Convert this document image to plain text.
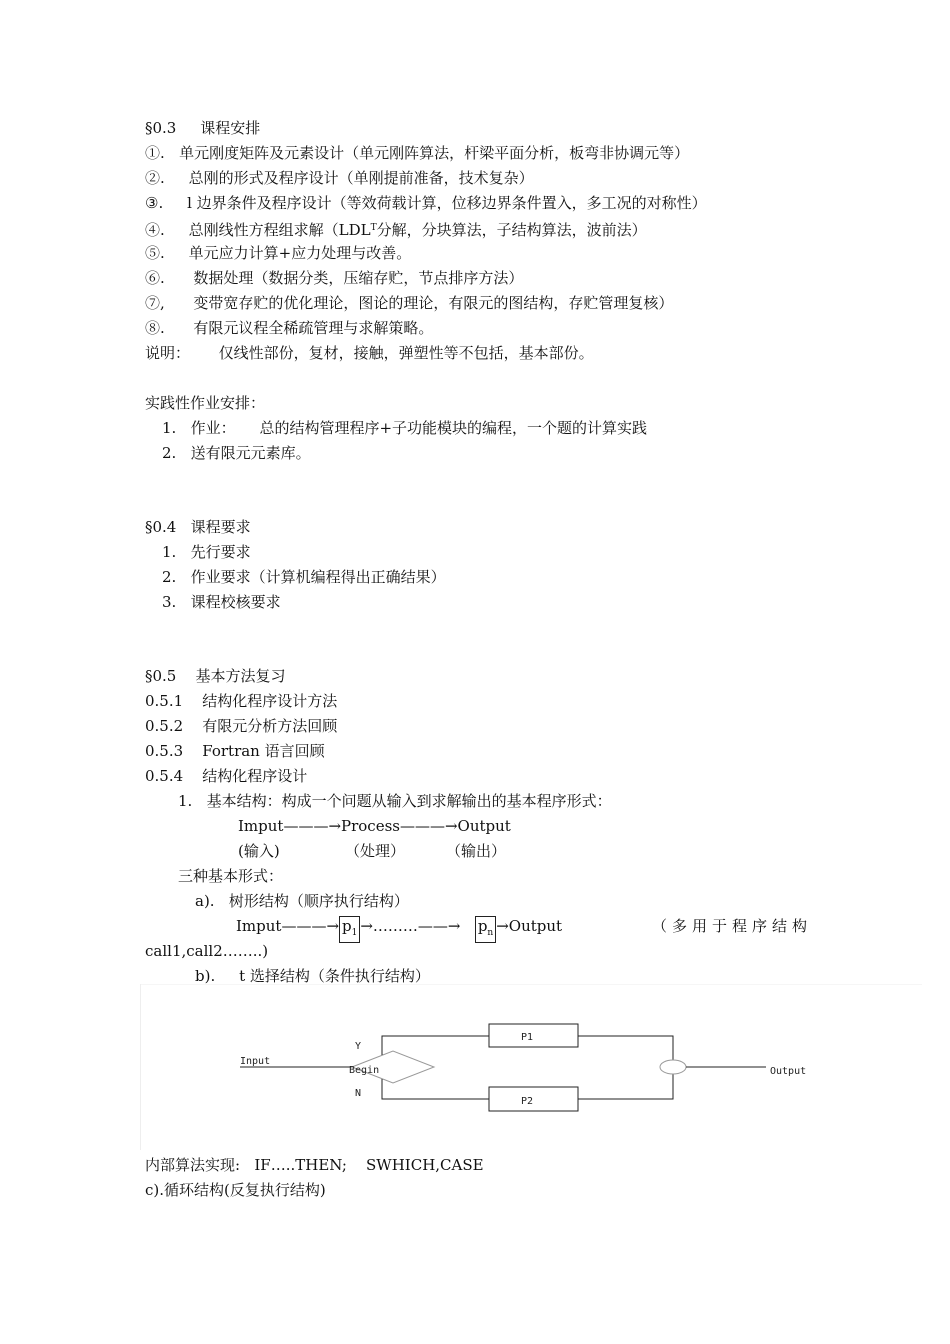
§0.3 课程安排
①. 单元刚度矩阵及元素设计（单元刚阵算法，杆梁平面分析，板弯非协调元等）
②. 总刚的形式及程序设计（单刚提前准备，技术复杂）
③. l 边界条件及程序设计（等效荷载计算，位移边界条件置入，多工况的对称性）
④. 总刚线性方程组求解（$LDL^T$分解，分块算法，子结构算法，波前法）
⑤. 单元应力计算+应力处理与改善。
⑥. 数据处理（数据分类，压缩存贮，节点排序方法）
⑦, 变带宽存贮的优化理论，图论的理论，有限元的图结构，存贮管理复核）
⑧. 有限元议程全稀疏管理与求解策略。
说明： 仅线性部份，复材，接触，弹塑性等不包括，基本部份。
实践性作业安排：
1. 作业： 总的结构管理程序+子功能模块的编程，一个题的计算实践
2. 送有限元元素库。
§0.4 课程要求
1. 先行要求
2. 作业要求（计算机编程得出正确结果）
3. 课程校核要求
§0.5 基本方法复习
0.5.1 结构化程序设计方法
0.5.2 有限元分析方法回顾
0.5.3 Fortran 语言回顾
0.5.4 结构化程序设计
1. 基本结构：构成一个问题从输入到求解输出的基本程序形式：
Imput———→Process———→Output
(输入)	（处理）	（输出）
三种基本形式：
a). 树形结构（顺序执行结构）
Imput———→ $p_1$ →………——→ $p_n$ →Output	（多用于程序结构
call1,call2……..)
b). t 选择结构（条件执行结构）
Input
Begin
Y
P1
N
P2
Output
内部算法实现: IF…..THEN; SWHICH,CASE
c).循环结构(反复执行结构)
